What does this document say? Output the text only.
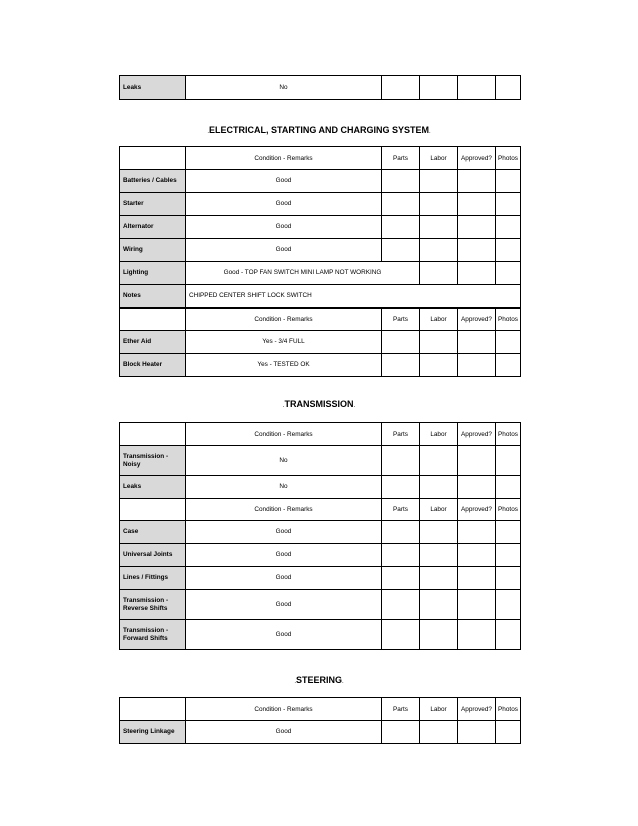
Leaks	No				
.ELECTRICAL, STARTING AND CHARGING SYSTEM.
	Condition - Remarks	Parts	Labor	Approved?	Photos
Batteries / Cables	Good				
Starter	Good				
Alternator	Good				
Wiring	Good				
Lighting	Good - TOP FAN SWITCH MINI LAMP NOT WORKING				
Notes	CHIPPED CENTER SHIFT LOCK SWITCH				
	Condition - Remarks	Parts	Labor	Approved?	Photos
Ether Aid	Yes - 3/4 FULL				
Block Heater	Yes - TESTED OK				
.TRANSMISSION.
	Condition - Remarks	Parts	Labor	Approved?	Photos
Transmission - Noisy	No				
Leaks	No				
	Condition - Remarks	Parts	Labor	Approved?	Photos
Case	Good				
Universal Joints	Good				
Lines / Fittings	Good				
Transmission - Reverse Shifts	Good				
Transmission - Forward Shifts	Good				
.STEERING.
	Condition - Remarks	Parts	Labor	Approved?	Photos
Steering Linkage	Good				
